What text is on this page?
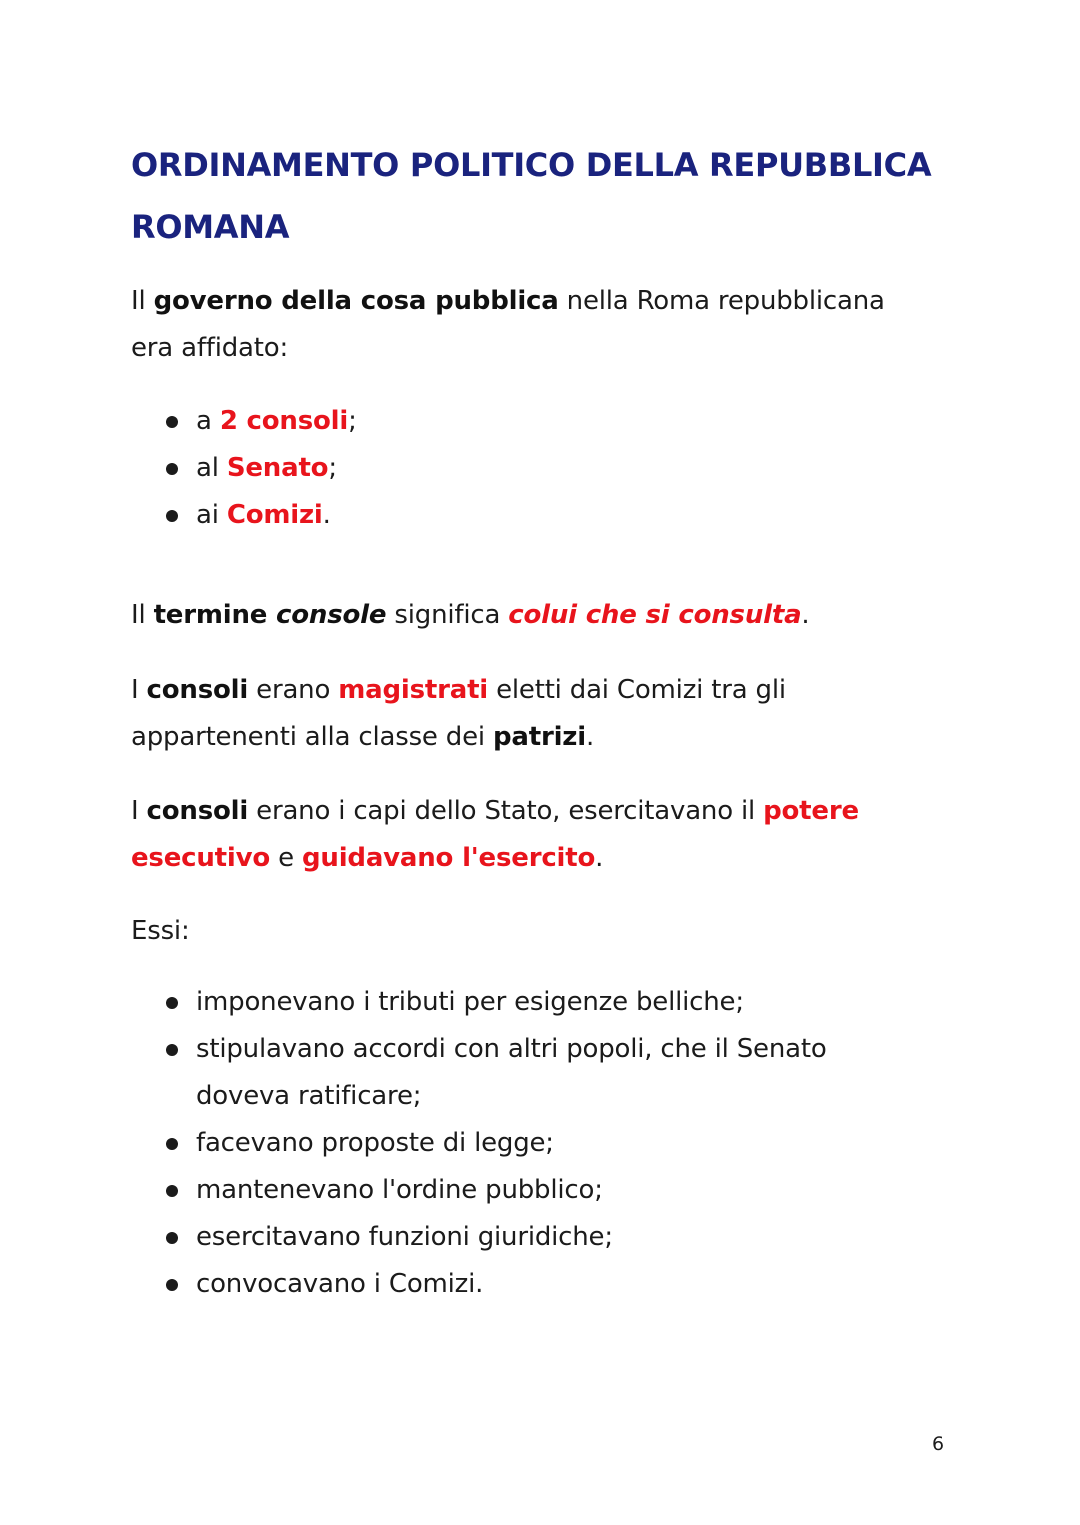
ORDINAMENTO POLITICO DELLA REPUBBLICA ROMANA

Il governo della cosa pubblica nella Roma repubblicana era affidato:

a 2 consoli;
al Senato;
ai Comizi.

Il termine console significa colui che si consulta.

I consoli erano magistrati eletti dai Comizi tra gli appartenenti alla classe dei patrizi.

I consoli erano i capi dello Stato, esercitavano il potere esecutivo e guidavano l'esercito.

Essi:

imponevano i tributi per esigenze belliche;
stipulavano accordi con altri popoli, che il Senato doveva ratificare;
facevano proposte di legge;
mantenevano l'ordine pubblico;
esercitavano funzioni giuridiche;
convocavano i Comizi.
6
